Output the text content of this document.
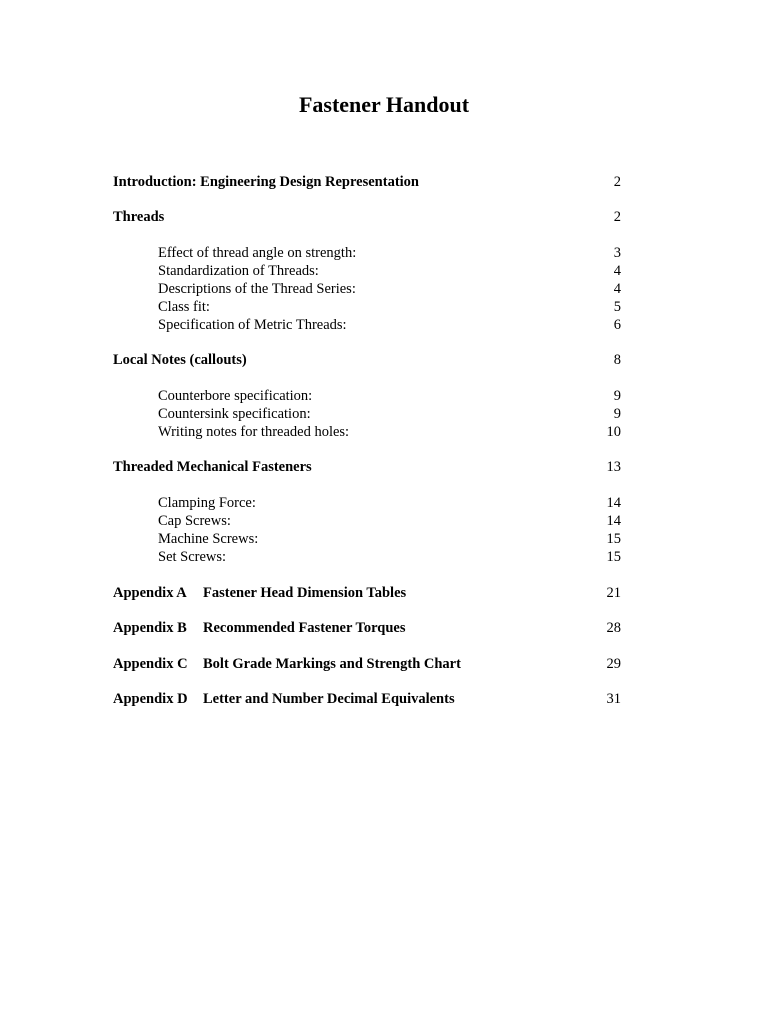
Fastener Handout
Introduction: Engineering Design Representation	2
Threads	2
Effect of thread angle on strength:	3
Standardization of Threads:	4
Descriptions of the Thread Series:	4
Class fit:	5
Specification of Metric Threads:	6
Local Notes (callouts)	8
Counterbore specification:	9
Countersink specification:	9
Writing notes for threaded holes:	10
Threaded Mechanical Fasteners	13
Clamping Force:	14
Cap Screws:	14
Machine Screws:	15
Set Screws:	15
Appendix A Fastener Head Dimension Tables	21
Appendix B Recommended Fastener Torques	28
Appendix C Bolt Grade Markings and Strength Chart	29
Appendix D Letter and Number Decimal Equivalents	31
